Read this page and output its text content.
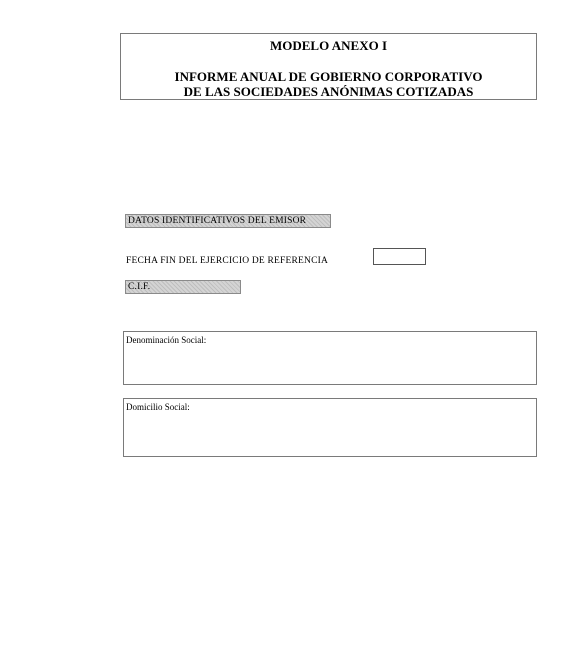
MODELO ANEXO I
INFORME ANUAL DE GOBIERNO CORPORATIVO
DE LAS SOCIEDADES ANÓNIMAS COTIZADAS
DATOS IDENTIFICATIVOS DEL EMISOR
FECHA FIN DEL EJERCICIO DE REFERENCIA
C.I.F.
Denominación Social:
Domicilio Social:
